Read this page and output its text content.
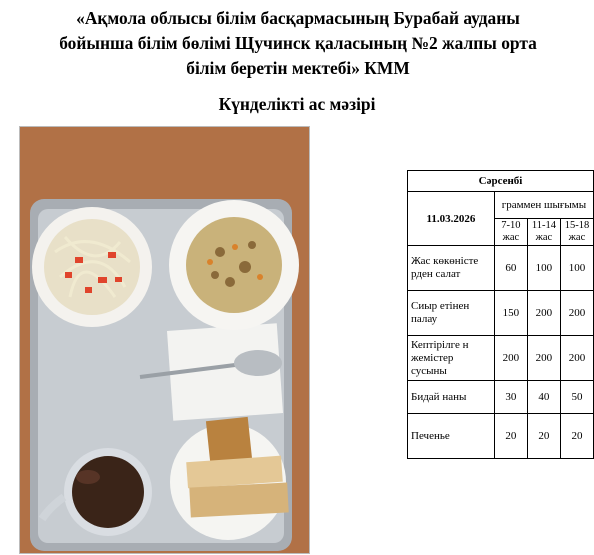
«Ақмола облысы білім басқармасының Бурабай ауданы
бойынша білім бөлімі Щучинск қаласының №2 жалпы орта
білім беретін мектебі» КММ
Күнделікті ас мәзірі
Сәрсенбі			
11.03.2026	граммен шығымы		
	7-10 жас	11-14 жас	15-18 жас
Жас көкөністе рден салат	60	100	100
Сиыр етінен палау	150	200	200
Кептірілге н жемістер сусыны	200	200	200
Бидай наны	30	40	50
Печенье	20	20	20
